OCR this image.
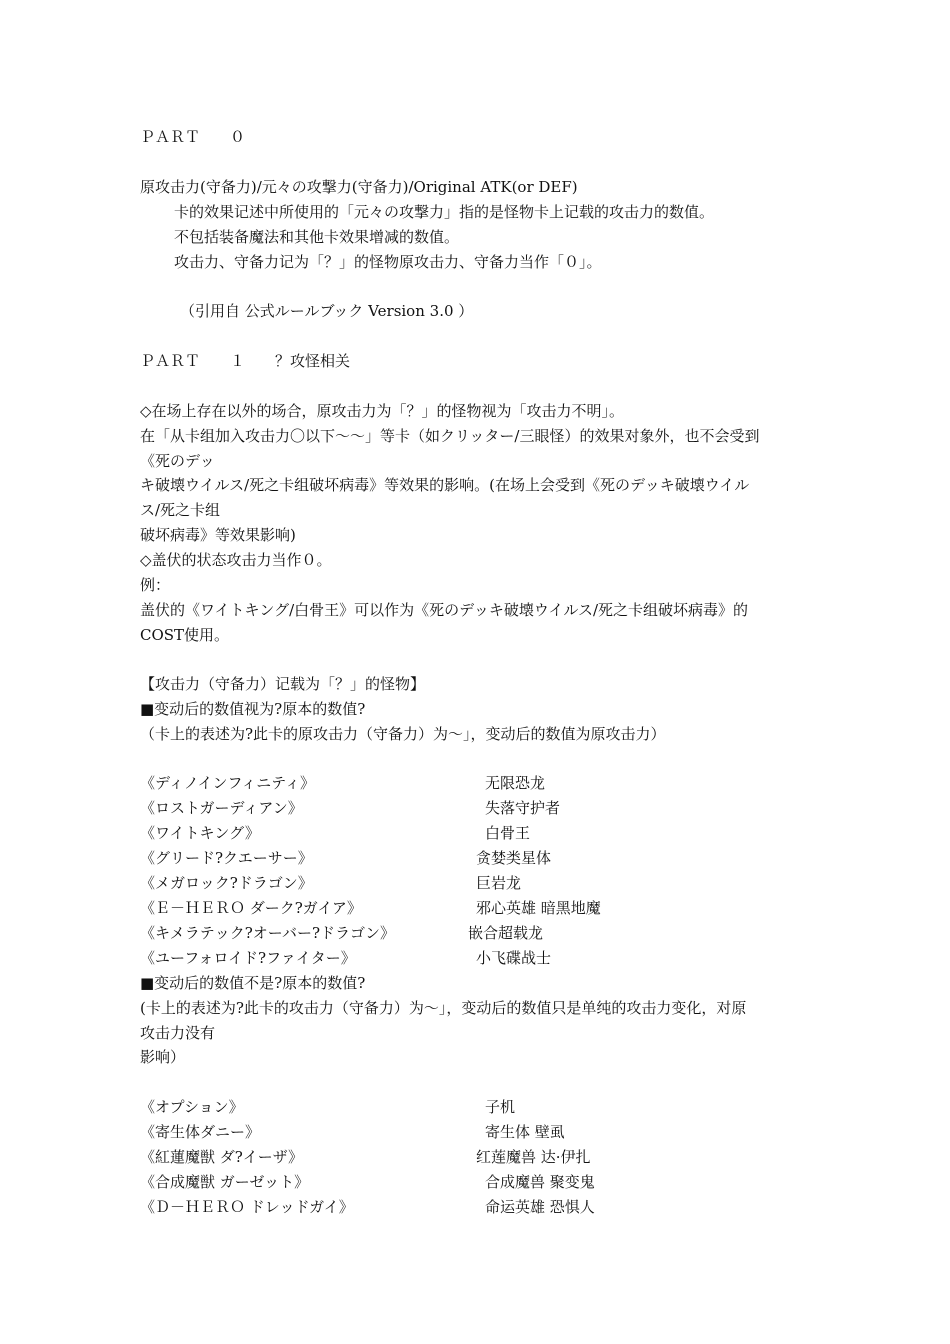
ＰＡＲＴ　　０
原攻击力(守备力)/元々の攻撃力(守备力)/Original ATK(or DEF)
卡的效果记述中所使用的「元々の攻撃力」指的是怪物卡上记载的攻击力的数值。
不包括装备魔法和其他卡效果增减的数值。
攻击力、守备力记为「？」的怪物原攻击力、守备力当作「０」。
（引用自 公式ルールブック Version 3.0 ）
ＰＡＲＴ　　１　　？攻怪相关
◇在场上存在以外的场合，原攻击力为「？」的怪物视为「攻击力不明」。
在「从卡组加入攻击力〇以下～～」等卡（如クリッター/三眼怪）的效果对象外，也不会受到
《死のデッ
キ破壊ウイルス/死之卡组破坏病毒》等效果的影响。(在场上会受到《死のデッキ破壊ウイル
ス/死之卡组
破坏病毒》等效果影响)
◇盖伏的状态攻击力当作０。
例：
盖伏的《ワイトキング/白骨王》可以作为《死のデッキ破壊ウイルス/死之卡组破坏病毒》的
COST使用。
【攻击力（守备力）记载为「？」的怪物】
■变动后的数值视为?原本的数值?
（卡上的表述为?此卡的原攻击力（守备力）为～」，变动后的数值为原攻击力）
《ディノインフィニティ》	无限恐龙
《ロストガーディアン》	失落守护者
《ワイトキング》	白骨王
《グリード?クエーサー》	贪婪类星体
《メガロック?ドラゴン》	巨岩龙
《Ｅ－ＨＥＲＯ ダーク?ガイア》	邪心英雄 暗黑地魔
《キメラテック?オーバー?ドラゴン》	嵌合超载龙
《ユーフォロイド?ファイター》	小飞碟战士
■变动后的数值不是?原本的数值?
(卡上的表述为?此卡的攻击力（守备力）为～」，变动后的数值只是单纯的攻击力变化，对原
攻击力没有
影响）
《オプション》	子机
《寄生体ダニー》	寄生体 壁虱
《紅蓮魔獣 ダ?イーザ》	红莲魔兽 达·伊扎
《合成魔獣 ガーゼット》	合成魔兽 聚变鬼
《Ｄ－ＨＥＲＯ ドレッドガイ》	命运英雄 恐惧人
